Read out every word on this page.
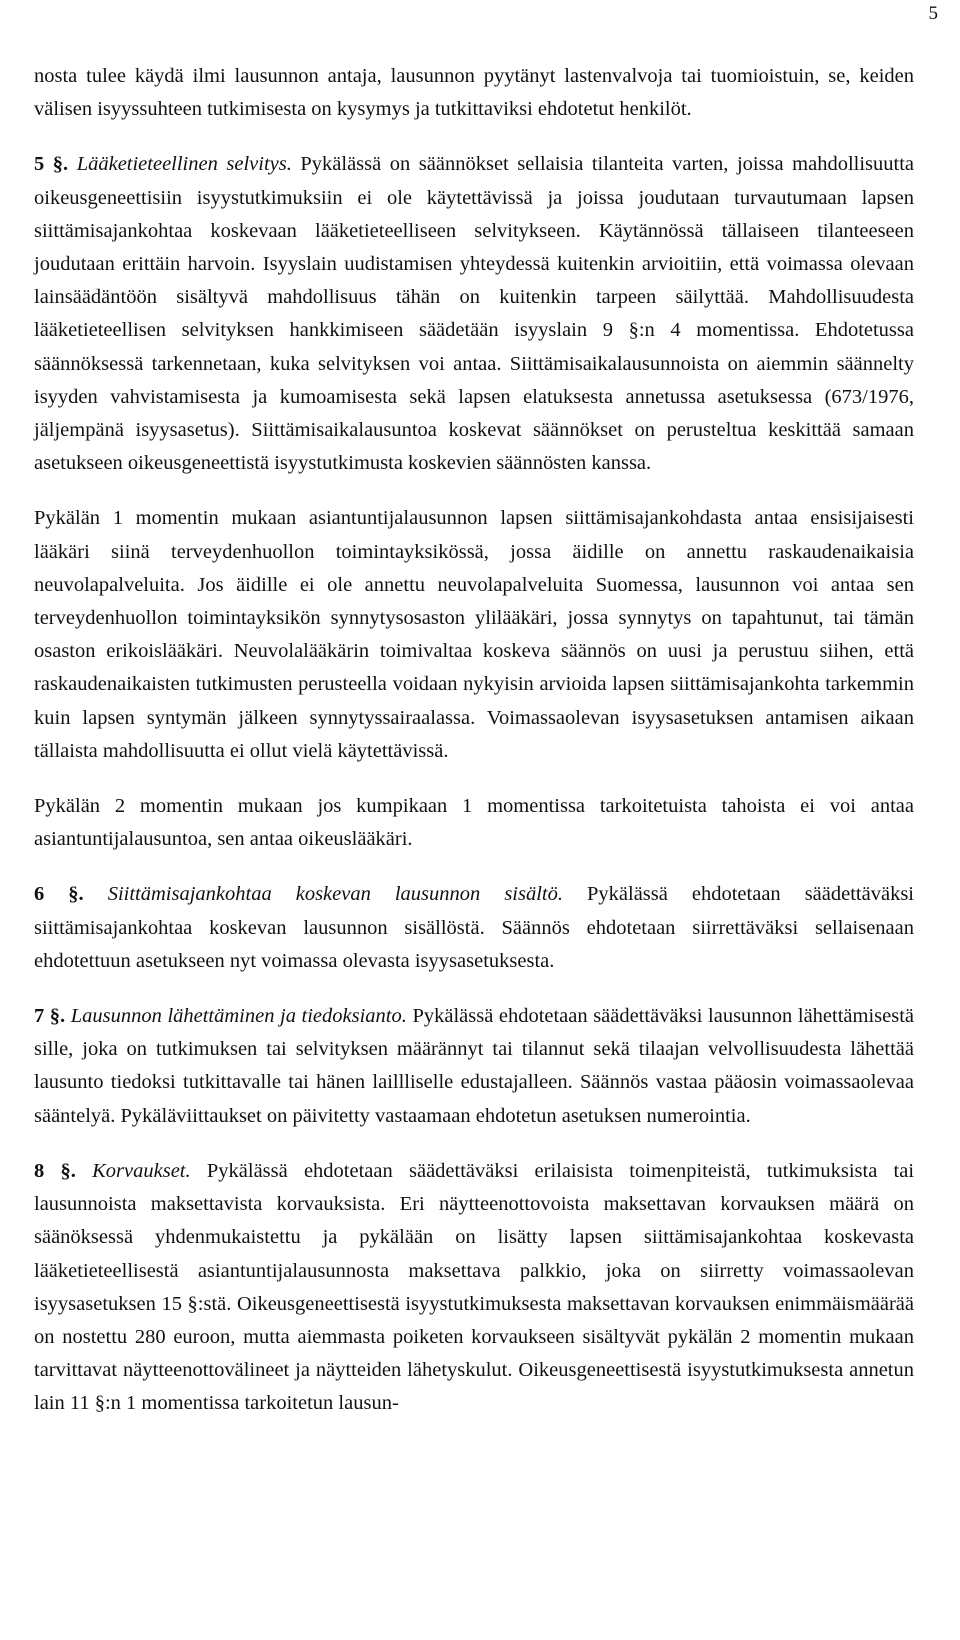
5

nosta tulee käydä ilmi lausunnon antaja, lausunnon pyytänyt lastenvalvoja tai tuomioistuin, se, keiden välisen isyyssuhteen tutkimisesta on kysymys ja tutkittaviksi ehdotetut henkilöt.

5 §. Lääketieteellinen selvitys. Pykälässä on säännökset sellaisia tilanteita varten, joissa mahdollisuutta oikeusgeneettisiin isyystutkimuksiin ei ole käytettävissä ja joissa joudutaan turvautumaan lapsen siittämisajankohtaa koskevaan lääketieteelliseen selvitykseen. Käytännössä tällaiseen tilanteeseen joudutaan erittäin harvoin. Isyyslain uudistamisen yhteydessä kuitenkin arvioitiin, että voimassa olevaan lainsäädäntöön sisältyvä mahdollisuus tähän on kuitenkin tarpeen säilyttää. Mahdollisuudesta lääketieteellisen selvityksen hankkimiseen säädetään isyyslain 9 §:n 4 momentissa. Ehdotetussa säännöksessä tarkennetaan, kuka selvityksen voi antaa. Siittämisaikalausunnoista on aiemmin säännelty isyyden vahvistamisesta ja kumoamisesta sekä lapsen elatuksesta annetussa asetuksessa (673/1976, jäljempänä isyysasetus). Siittämisaikalausuntoa koskevat säännökset on perusteltua keskittää samaan asetukseen oikeusgeneettistä isyystutkimusta koskevien säännösten kanssa.

Pykälän 1 momentin mukaan asiantuntijalausunnon lapsen siittämisajankohdasta antaa ensisijaisesti lääkäri siinä terveydenhuollon toimintayksikössä, jossa äidille on annettu raskaudenaikaisia neuvolapalveluita. Jos äidille ei ole annettu neuvolapalveluita Suomessa, lausunnon voi antaa sen terveydenhuollon toimintayksikön synnytysosaston ylilääkäri, jossa synnytys on tapahtunut, tai tämän osaston erikoislääkäri. Neuvolalääkärin toimivaltaa koskeva säännös on uusi ja perustuu siihen, että raskaudenaikaisten tutkimusten perusteella voidaan nykyisin arvioida lapsen siittämisajankohta tarkemmin kuin lapsen syntymän jälkeen synnytyssairaalassa. Voimassaolevan isyysasetuksen antamisen aikaan tällaista mahdollisuutta ei ollut vielä käytettävissä.

Pykälän 2 momentin mukaan jos kumpikaan 1 momentissa tarkoitetuista tahoista ei voi antaa asiantuntijalausuntoa, sen antaa oikeuslääkäri.

6 §. Siittämisajankohtaa koskevan lausunnon sisältö. Pykälässä ehdotetaan säädettäväksi siittämisajankohtaa koskevan lausunnon sisällöstä. Säännös ehdotetaan siirrettäväksi sellaisenaan ehdotettuun asetukseen nyt voimassa olevasta isyysasetuksesta.

7 §. Lausunnon lähettäminen ja tiedoksianto. Pykälässä ehdotetaan säädettäväksi lausunnon lähettämisestä sille, joka on tutkimuksen tai selvityksen määrännyt tai tilannut sekä tilaajan velvollisuudesta lähettää lausunto tiedoksi tutkittavalle tai hänen laillliselle edustajalleen. Säännös vastaa pääosin voimassaolevaa sääntelyä. Pykäläviittaukset on päivitetty vastaamaan ehdotetun asetuksen numerointia.

8 §. Korvaukset. Pykälässä ehdotetaan säädettäväksi erilaisista toimenpiteistä, tutkimuksista tai lausunnoista maksettavista korvauksista. Eri näytteenottovoista maksettavan korvauksen määrä on säänöksessä yhdenmukaistettu ja pykälään on lisätty lapsen siittämisajankohtaa koskevasta lääketieteellisestä asiantuntijalausunnosta maksettava palkkio, joka on siirretty voimassaolevan isyysasetuksen 15 §:stä. Oikeusgeneettisestä isyystutkimuksesta maksettavan korvauksen enimmäismäärää on nostettu 280 euroon, mutta aiemmasta poiketen korvaukseen sisältyvät pykälän 2 momentin mukaan tarvittavat näytteenottovälineet ja näytteiden lähetyskulut. Oikeusgeneettisestä isyystutkimuksesta annetun lain 11 §:n 1 momentissa tarkoitetun lausun-
